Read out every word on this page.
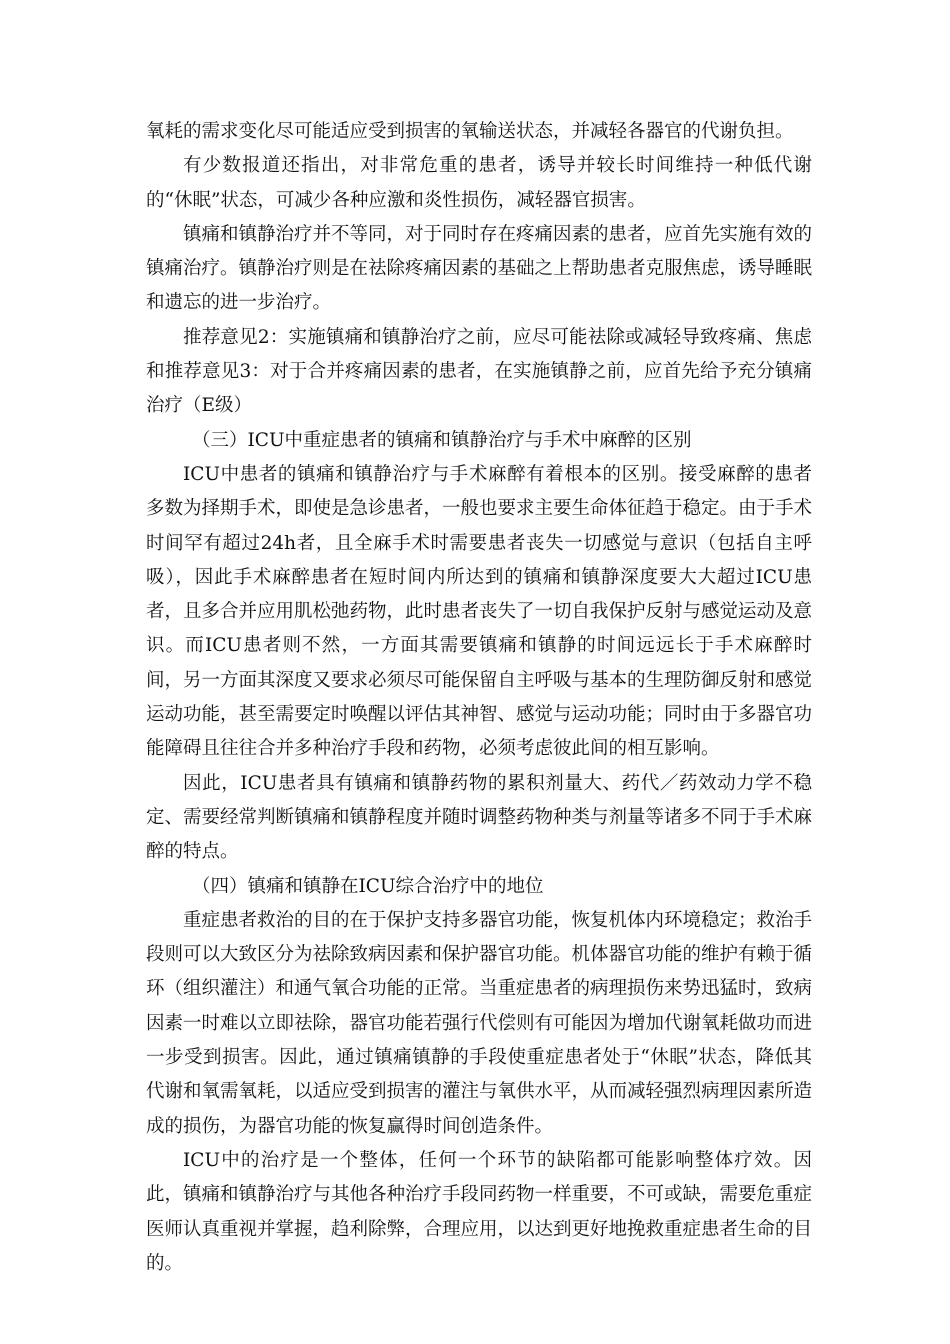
氧耗的需求变化尽可能适应受到损害的氧输送状态，并减轻各器官的代谢负担。

有少数报道还指出，对非常危重的患者，诱导并较长时间维持一种低代谢的“休眠”状态，可减少各种应激和炎性损伤，减轻器官损害。

镇痛和镇静治疗并不等同，对于同时存在疼痛因素的患者，应首先实施有效的镇痛治疗。镇静治疗则是在祛除疼痛因素的基础之上帮助患者克服焦虑，诱导睡眠和遗忘的进一步治疗。

推荐意见2：实施镇痛和镇静治疗之前，应尽可能祛除或减轻导致疼痛、焦虑和推荐意见3：对于合并疼痛因素的患者，在实施镇静之前，应首先给予充分镇痛治疗（E级）

（三）ICU中重症患者的镇痛和镇静治疗与手术中麻醉的区别

ICU中患者的镇痛和镇静治疗与手术麻醉有着根本的区别。接受麻醉的患者多数为择期手术，即使是急诊患者，一般也要求主要生命体征趋于稳定。由于手术时间罕有超过24h者，且全麻手术时需要患者丧失一切感觉与意识（包括自主呼吸），因此手术麻醉患者在短时间内所达到的镇痛和镇静深度要大大超过ICU患者，且多合并应用肌松弛药物，此时患者丧失了一切自我保护反射与感觉运动及意识。而ICU患者则不然，一方面其需要镇痛和镇静的时间远远长于手术麻醉时间，另一方面其深度又要求必须尽可能保留自主呼吸与基本的生理防御反射和感觉运动功能，甚至需要定时唤醒以评估其神智、感觉与运动功能；同时由于多器官功能障碍且往往合并多种治疗手段和药物，必须考虑彼此间的相互影响。

因此，ICU患者具有镇痛和镇静药物的累积剂量大、药代／药效动力学不稳定、需要经常判断镇痛和镇静程度并随时调整药物种类与剂量等诸多不同于手术麻醉的特点。

（四）镇痛和镇静在ICU综合治疗中的地位

重症患者救治的目的在于保护支持多器官功能，恢复机体内环境稳定；救治手段则可以大致区分为祛除致病因素和保护器官功能。机体器官功能的维护有赖于循环（组织灌注）和通气氧合功能的正常。当重症患者的病理损伤来势迅猛时，致病因素一时难以立即祛除，器官功能若强行代偿则有可能因为增加代谢氧耗做功而进一步受到损害。因此，通过镇痛镇静的手段使重症患者处于“休眠”状态，降低其代谢和氧需氧耗，以适应受到损害的灌注与氧供水平，从而减轻强烈病理因素所造成的损伤，为器官功能的恢复赢得时间创造条件。

ICU中的治疗是一个整体，任何一个环节的缺陷都可能影响整体疗效。因此，镇痛和镇静治疗与其他各种治疗手段同药物一样重要，不可或缺，需要危重症医师认真重视并掌握，趋利除弊，合理应用，以达到更好地挽救重症患者生命的目的。
